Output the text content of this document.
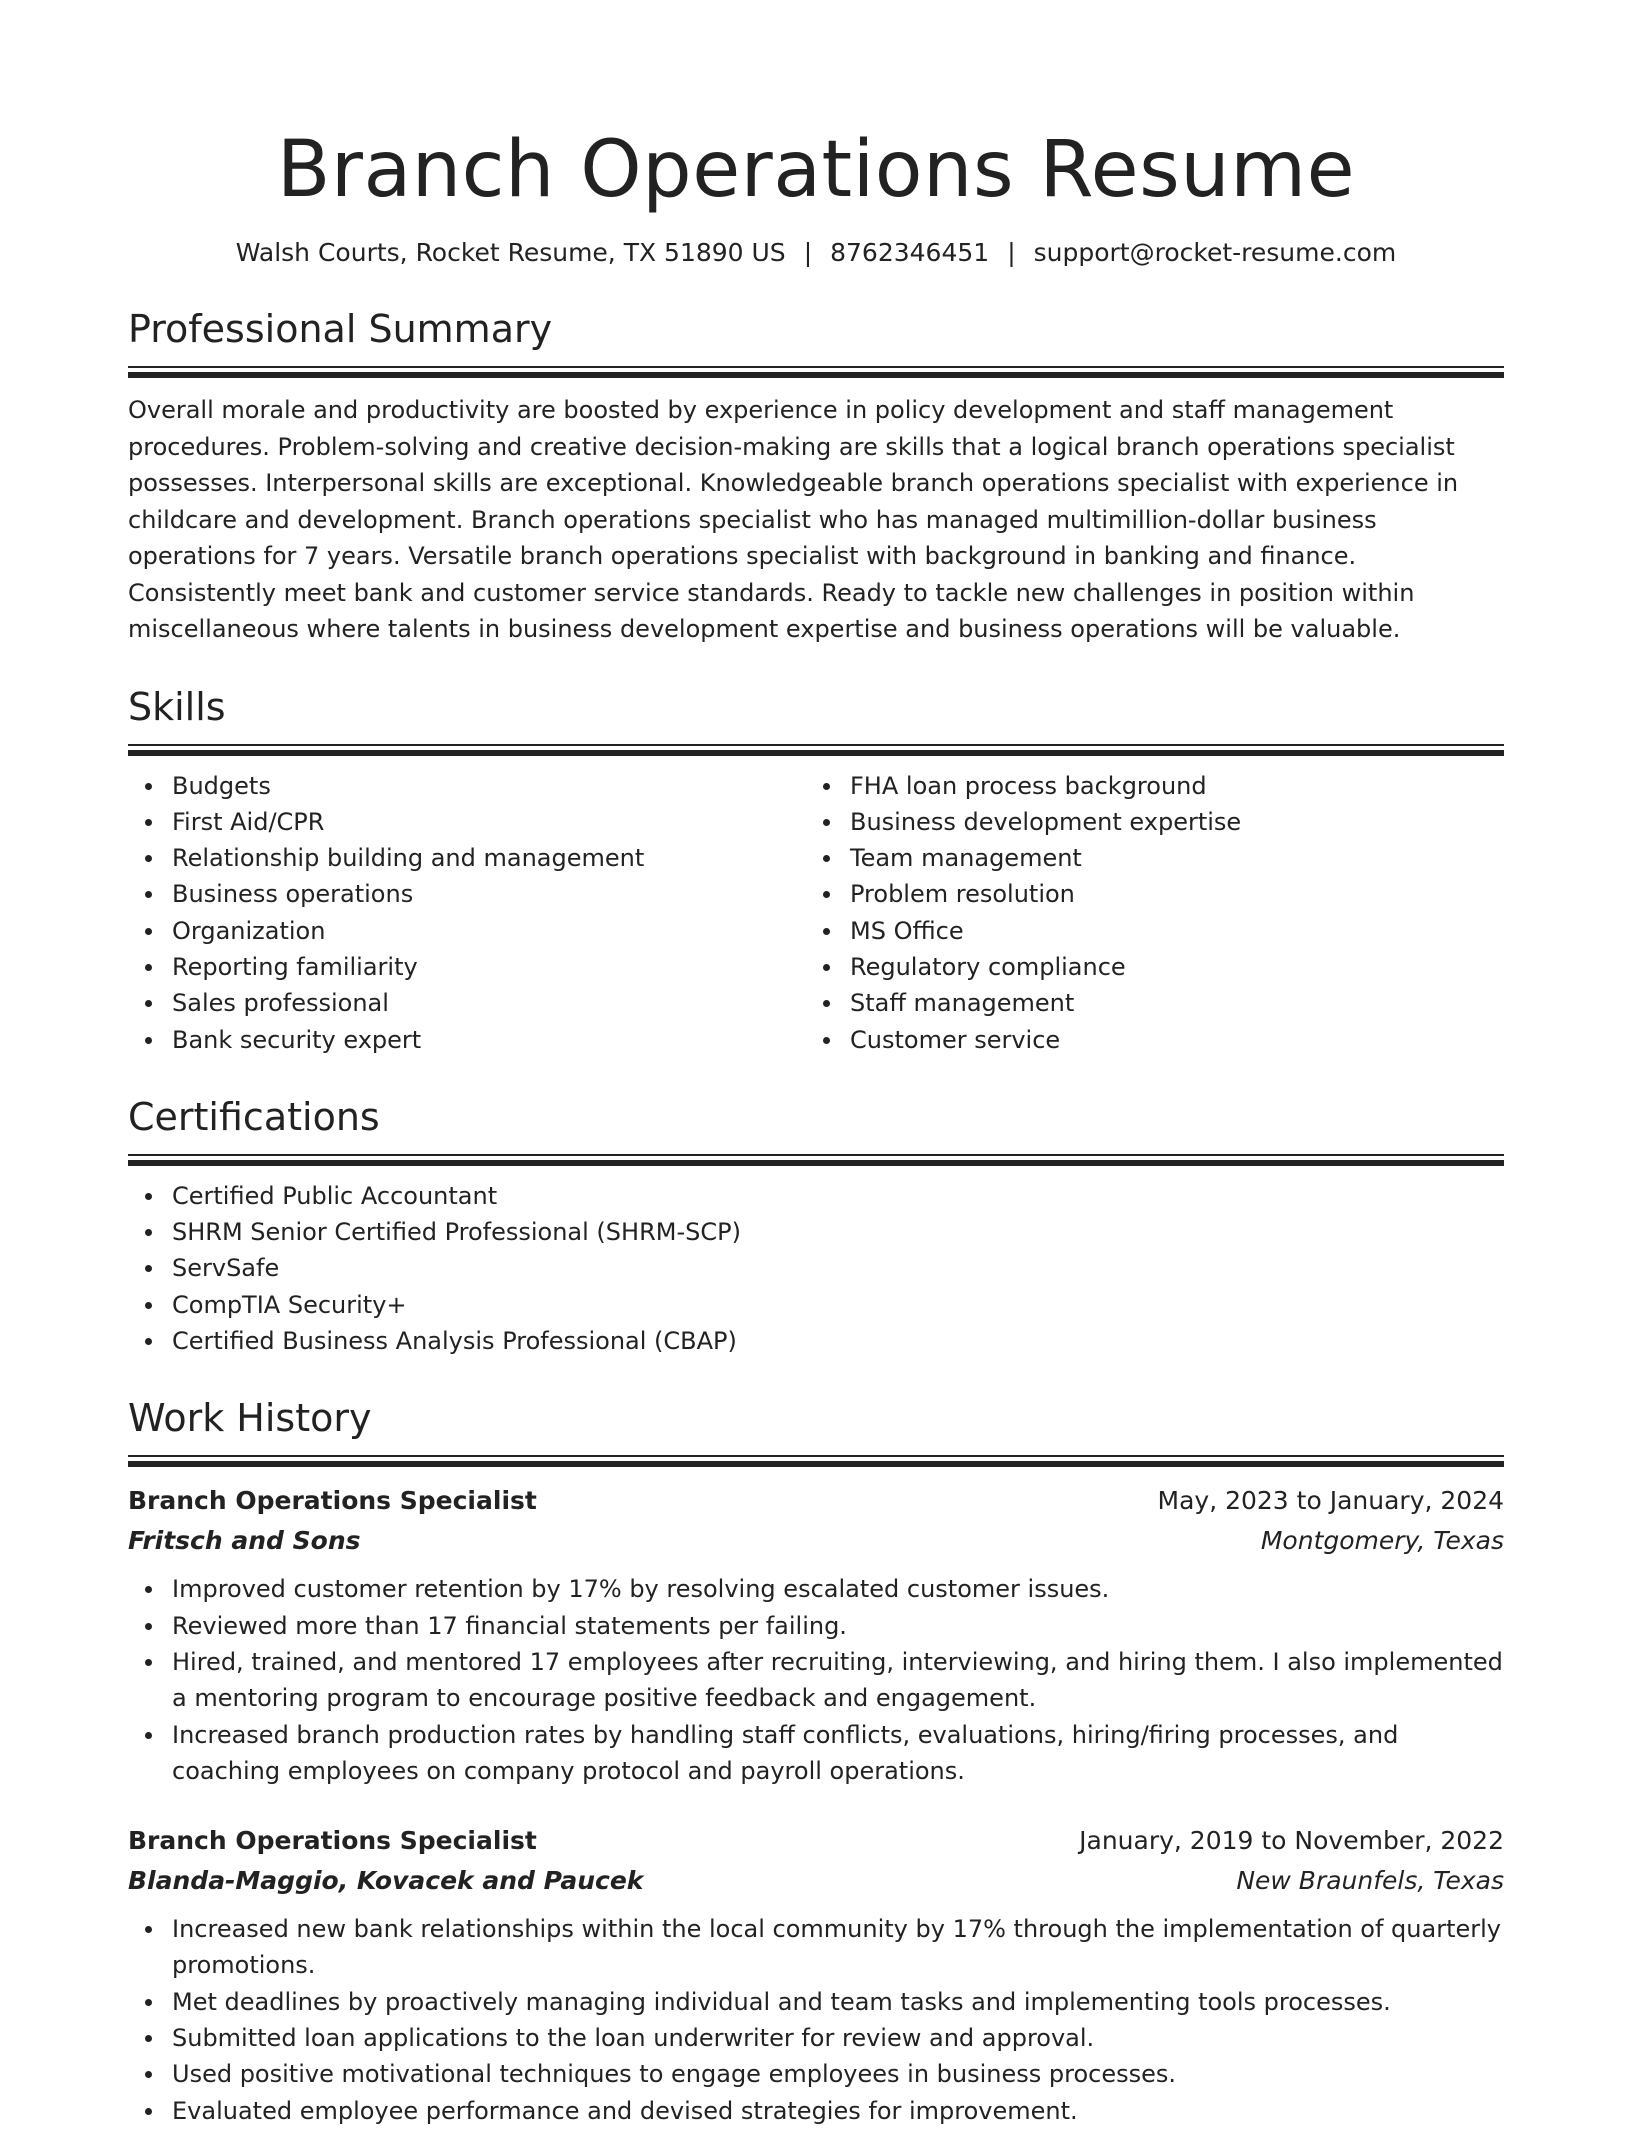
Branch Operations Resume
Walsh Courts, Rocket Resume, TX 51890 US | 8762346451 | support@rocket-resume.com
Professional Summary
Overall morale and productivity are boosted by experience in policy development and staff management procedures. Problem-solving and creative decision-making are skills that a logical branch operations specialist possesses. Interpersonal skills are exceptional. Knowledgeable branch operations specialist with experience in childcare and development. Branch operations specialist who has managed multimillion-dollar business operations for 7 years. Versatile branch operations specialist with background in banking and finance. Consistently meet bank and customer service standards. Ready to tackle new challenges in position within miscellaneous where talents in business development expertise and business operations will be valuable.
Skills
Budgets
First Aid/CPR
Relationship building and management
Business operations
Organization
Reporting familiarity
Sales professional
Bank security expert
FHA loan process background
Business development expertise
Team management
Problem resolution
MS Office
Regulatory compliance
Staff management
Customer service
Certifications
Certified Public Accountant
SHRM Senior Certified Professional (SHRM-SCP)
ServSafe
CompTIA Security+
Certified Business Analysis Professional (CBAP)
Work History
Branch Operations Specialist	May, 2023 to January, 2024
Fritsch and Sons	Montgomery, Texas
Improved customer retention by 17% by resolving escalated customer issues.
Reviewed more than 17 financial statements per failing.
Hired, trained, and mentored 17 employees after recruiting, interviewing, and hiring them. I also implemented a mentoring program to encourage positive feedback and engagement.
Increased branch production rates by handling staff conflicts, evaluations, hiring/firing processes, and coaching employees on company protocol and payroll operations.
Branch Operations Specialist	January, 2019 to November, 2022
Blanda-Maggio, Kovacek and Paucek	New Braunfels, Texas
Increased new bank relationships within the local community by 17% through the implementation of quarterly promotions.
Met deadlines by proactively managing individual and team tasks and implementing tools processes.
Submitted loan applications to the loan underwriter for review and approval.
Used positive motivational techniques to engage employees in business processes.
Evaluated employee performance and devised strategies for improvement.
